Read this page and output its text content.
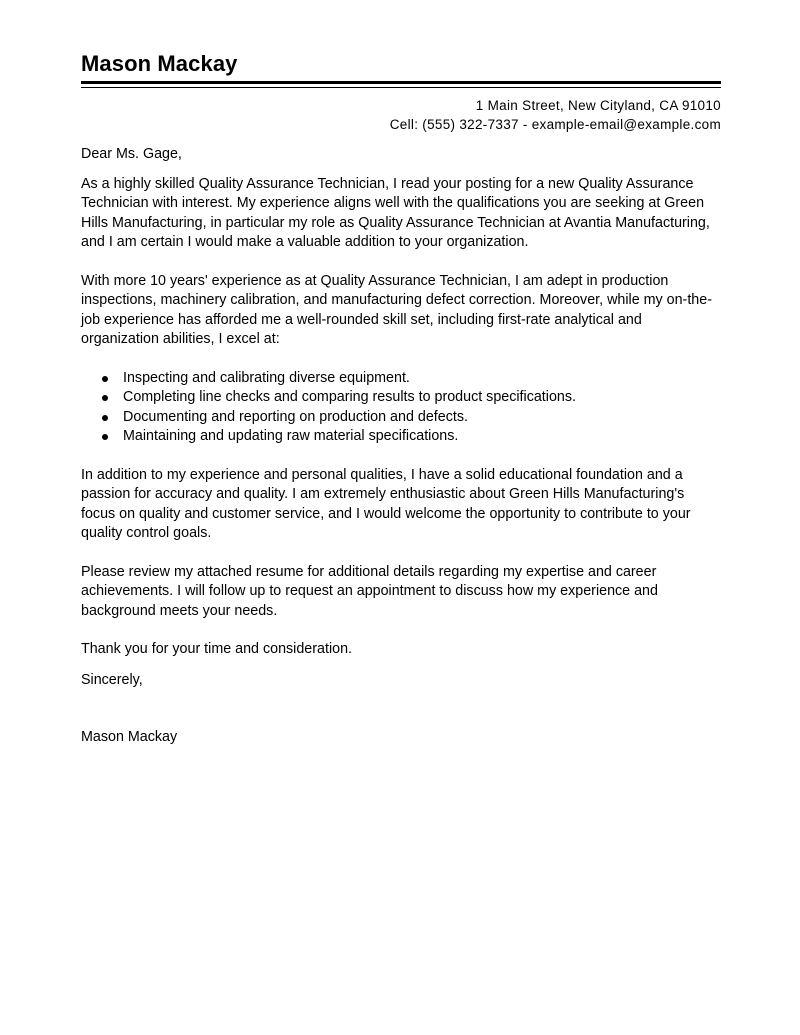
Mason Mackay
1 Main Street, New Cityland, CA 91010
Cell: (555) 322-7337 - example-email@example.com
Dear Ms. Gage,
As a highly skilled Quality Assurance Technician, I read your posting for a new Quality Assurance Technician with interest. My experience aligns well with the qualifications you are seeking at Green Hills Manufacturing, in particular my role as Quality Assurance Technician at Avantia Manufacturing, and I am certain I would make a valuable addition to your organization.
With more 10 years' experience as at Quality Assurance Technician, I am adept in production inspections, machinery calibration, and manufacturing defect correction. Moreover, while my on-the-job experience has afforded me a well-rounded skill set, including first-rate analytical and organization abilities, I excel at:
Inspecting and calibrating diverse equipment.
Completing line checks and comparing results to product specifications.
Documenting and reporting on production and defects.
Maintaining and updating raw material specifications.
In addition to my experience and personal qualities, I have a solid educational foundation and a passion for accuracy and quality. I am extremely enthusiastic about Green Hills Manufacturing's focus on quality and customer service, and I would welcome the opportunity to contribute to your quality control goals.
Please review my attached resume for additional details regarding my expertise and career achievements. I will follow up to request an appointment to discuss how my experience and background meets your needs.
Thank you for your time and consideration.
Sincerely,
Mason Mackay
